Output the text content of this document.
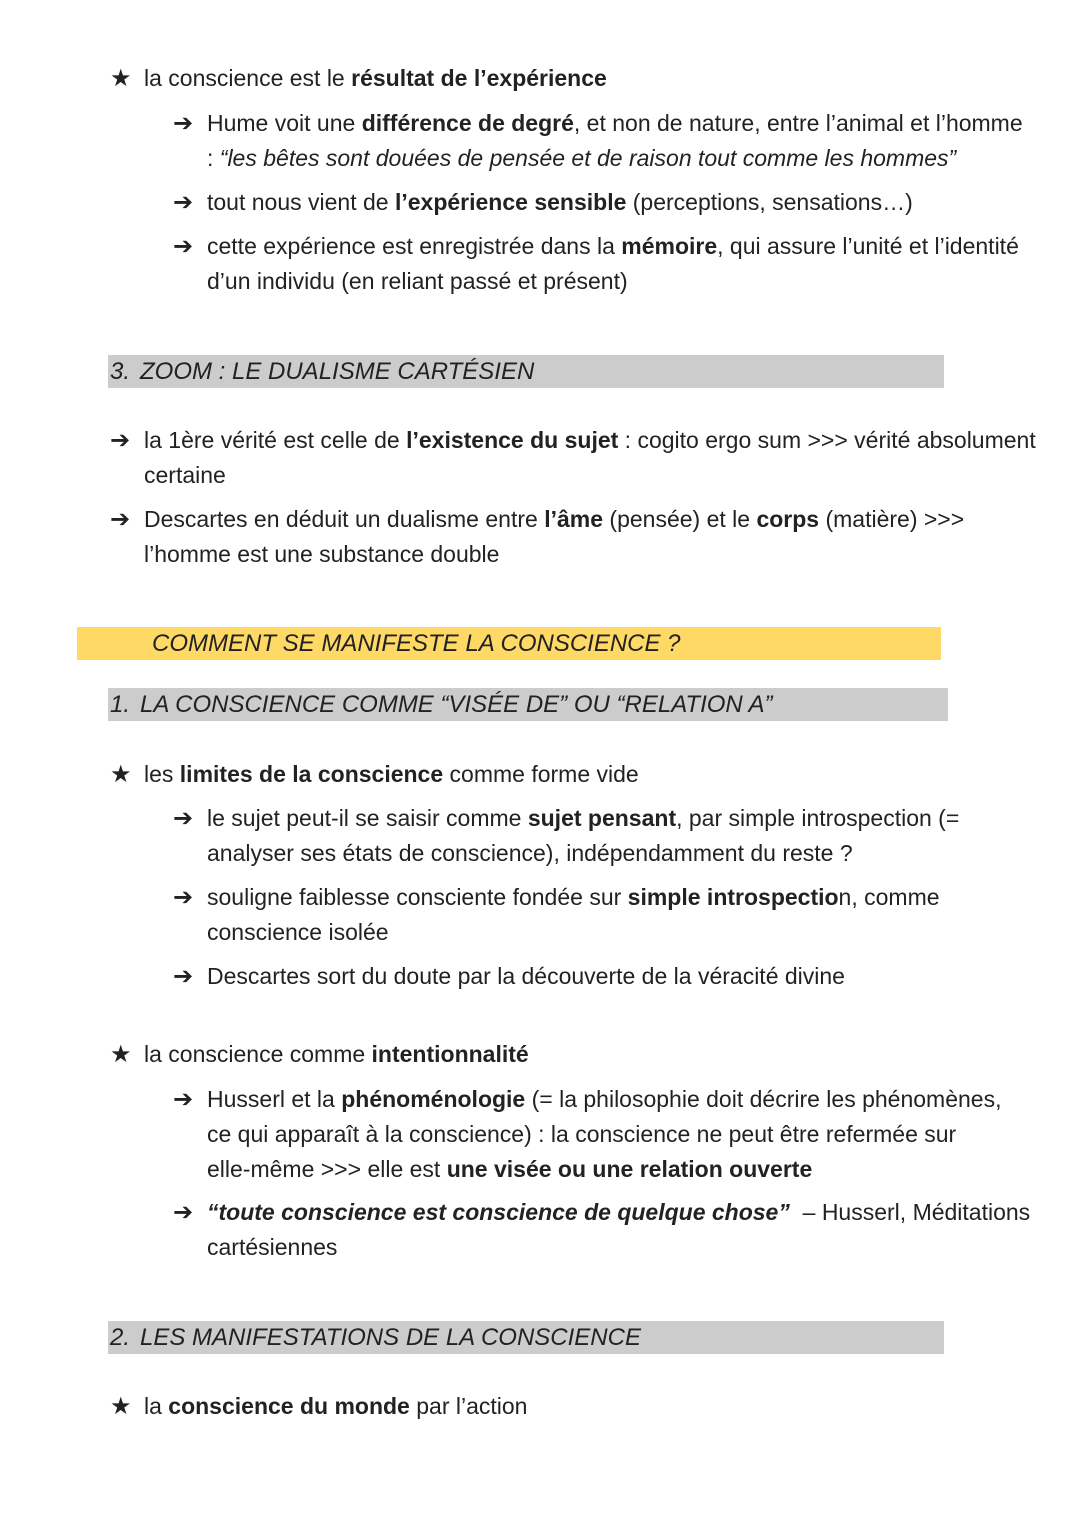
★ la conscience est le résultat de l’expérience
➔ Hume voit une différence de degré, et non de nature, entre l’animal et l’homme
: “les bêtes sont douées de pensée et de raison tout comme les hommes”
➔ tout nous vient de l’expérience sensible (perceptions, sensations…)
➔ cette expérience est enregistrée dans la mémoire, qui assure l’unité et l’identité
d’un individu (en reliant passé et présent)
3. ZOOM : LE DUALISME CARTÉSIEN
➔ la 1ère vérité est celle de l’existence du sujet : cogito ergo sum >>> vérité absolument
certaine
➔ Descartes en déduit un dualisme entre l’âme (pensée) et le corps (matière) >>>
l’homme est une substance double
COMMENT SE MANIFESTE LA CONSCIENCE ?
1. LA CONSCIENCE COMME “VISÉE DE” OU “RELATION A”
★ les limites de la conscience comme forme vide
➔ le sujet peut-il se saisir comme sujet pensant, par simple introspection (=
analyser ses états de conscience), indépendamment du reste ?
➔ souligne faiblesse consciente fondée sur simple introspection, comme
conscience isolée
➔ Descartes sort du doute par la découverte de la véracité divine
★ la conscience comme intentionnalité
➔ Husserl et la phénoménologie (= la philosophie doit décrire les phénomènes,
ce qui apparaît à la conscience) : la conscience ne peut être refermée sur
elle-même >>> elle est une visée ou une relation ouverte
➔ “toute conscience est conscience de quelque chose”  – Husserl, Méditations
cartésiennes
2. LES MANIFESTATIONS DE LA CONSCIENCE
★ la conscience du monde par l’action
